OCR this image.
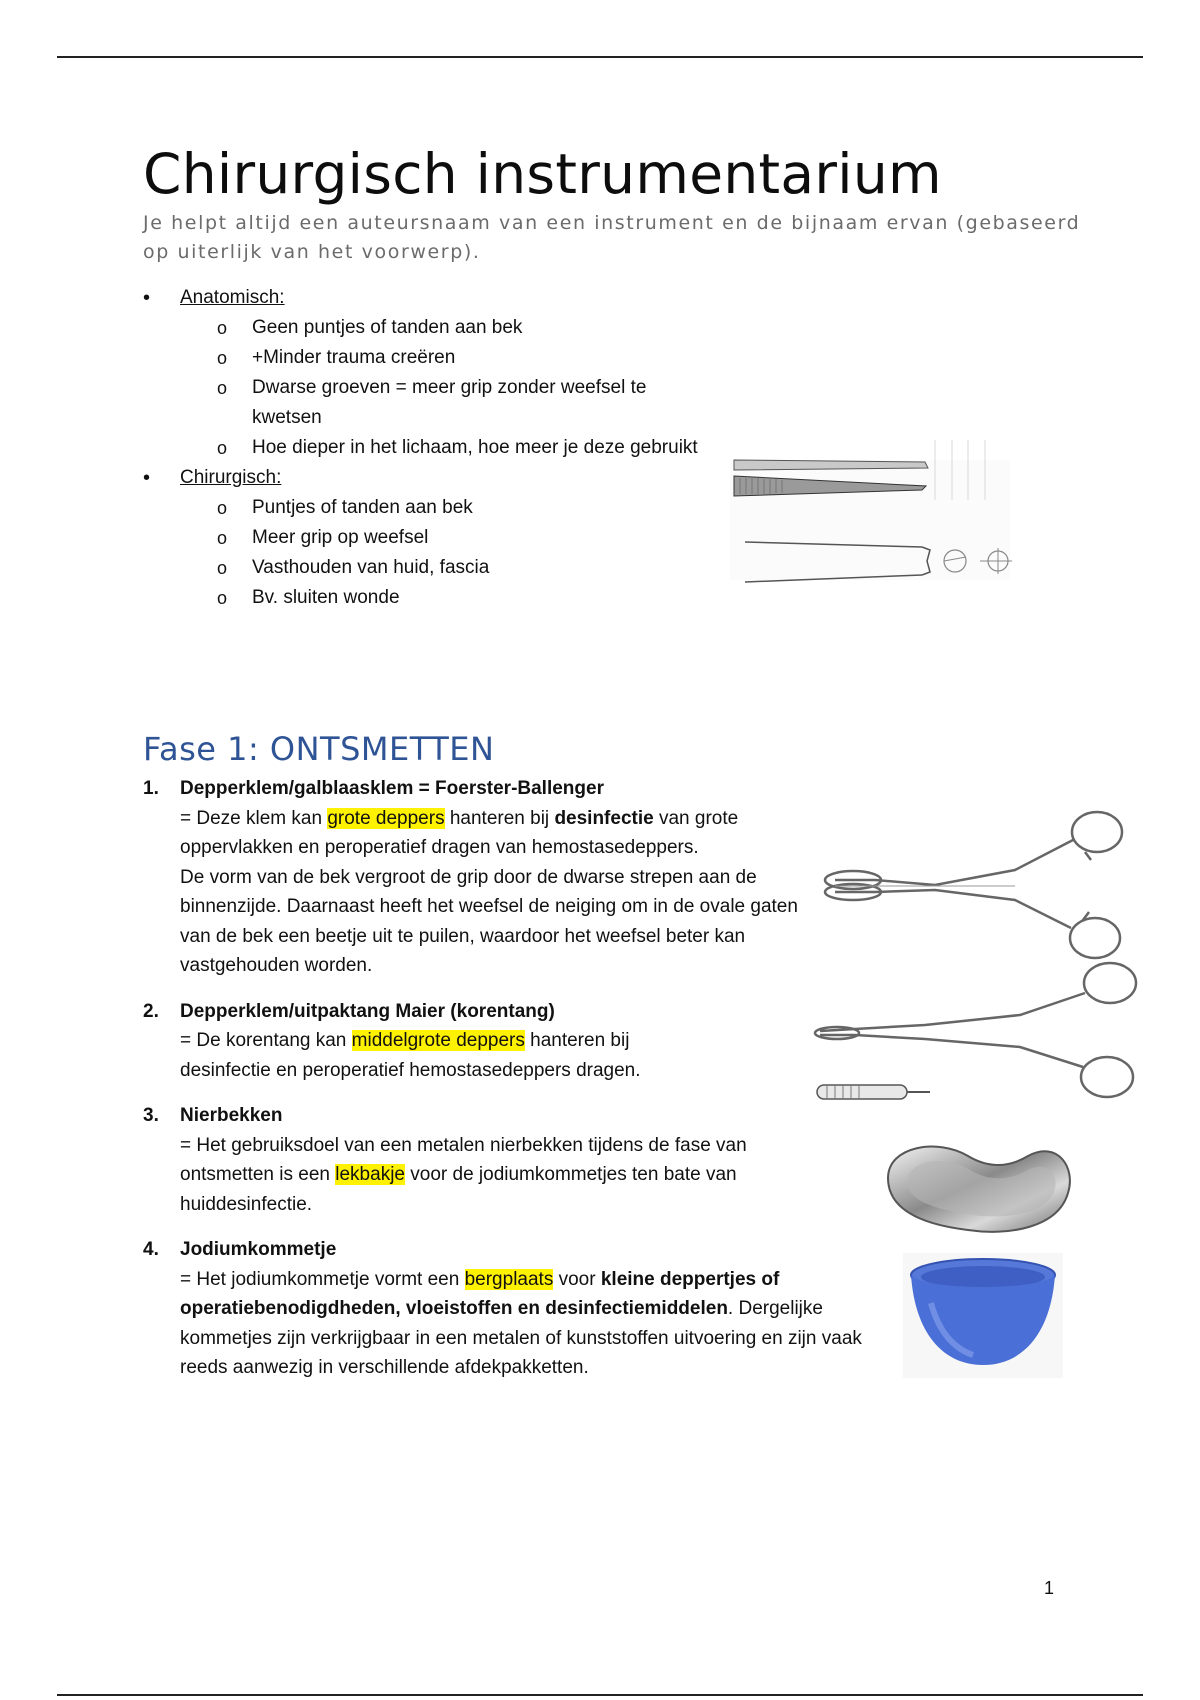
Chirurgisch instrumentarium

Je helpt altijd een auteursnaam van een instrument en de bijnaam ervan (gebaseerd op uiterlijk van het voorwerp).

• Anatomisch:
o Geen puntjes of tanden aan bek
o +Minder trauma creëren
o Dwarse groeven = meer grip zonder weefsel te kwetsen
o Hoe dieper in het lichaam, hoe meer je deze gebruikt
• Chirurgisch:
o Puntjes of tanden aan bek
o Meer grip op weefsel
o Vasthouden van huid, fascia
o Bv. sluiten wonde
Fase 1: ONTSMETTEN
1. Depperklem/galblaasklem = Foerster-Ballenger
= Deze klem kan grote deppers hanteren bij desinfectie van grote oppervlakken en peroperatief dragen van hemostasedeppers.
De vorm van de bek vergroot de grip door de dwarse strepen aan de binnenzijde. Daarnaast heeft het weefsel de neiging om in de ovale gaten van de bek een beetje uit te puilen, waardoor het weefsel beter kan vastgehouden worden.
2. Depperklem/uitpaktang Maier (korentang)
= De korentang kan middelgrote deppers hanteren bij desinfectie en peroperatief hemostasedeppers dragen.
3. Nierbekken
= Het gebruiksdoel van een metalen nierbekken tijdens de fase van ontsmetten is een lekbakje voor de jodiumkommetjes ten bate van huiddesinfectie.
4. Jodiumkommetje
= Het jodiumkommetje vormt een bergplaats voor kleine deppertjes of operatiebenodigdheden, vloeistoffen en desinfectiemiddelen. Dergelijke kommetjes zijn verkrijgbaar in een metalen of kunststoffen uitvoering en zijn vaak reeds aanwezig in verschillende afdekpakketten.
1
